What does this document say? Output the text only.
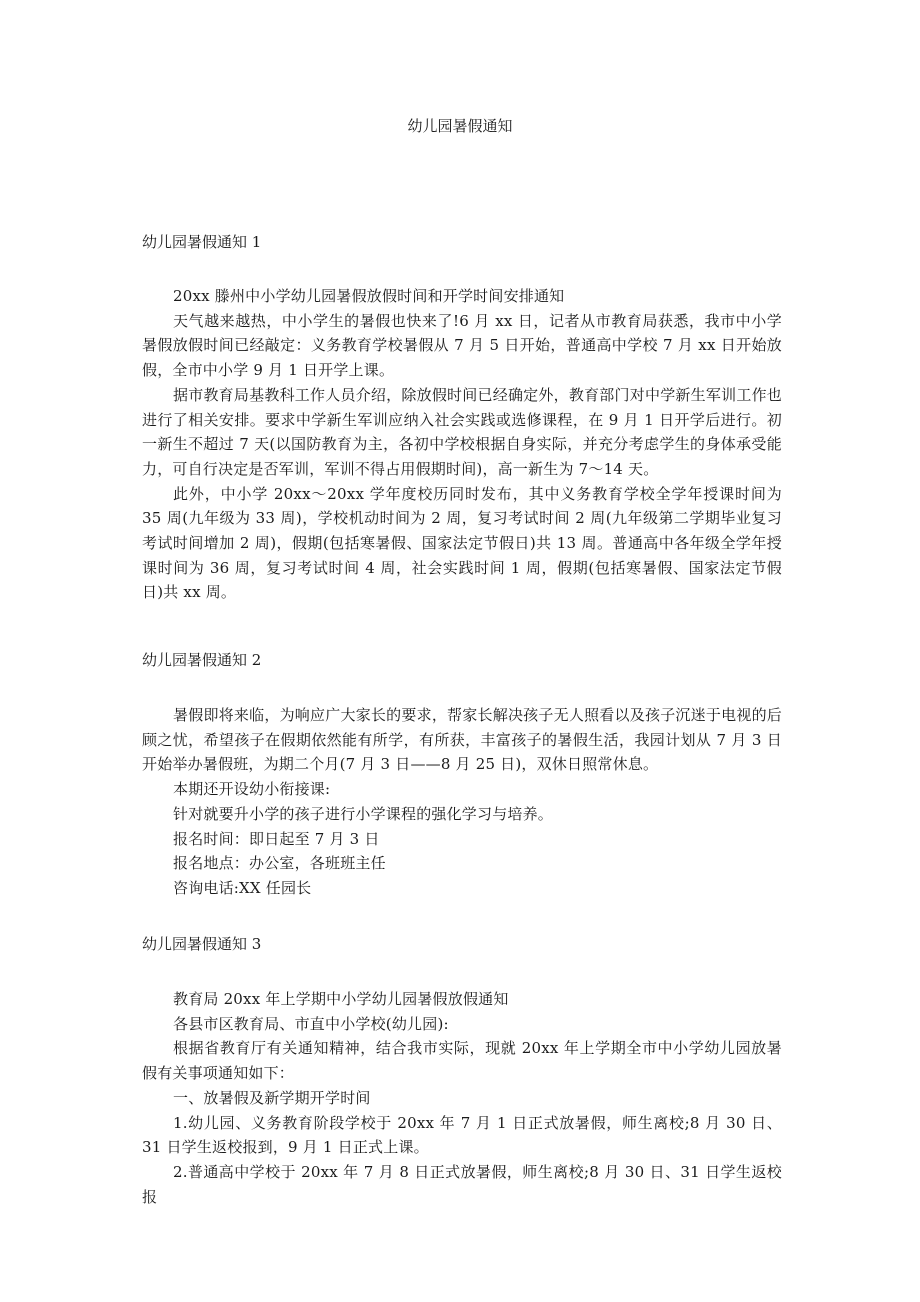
幼儿园暑假通知
幼儿园暑假通知 1

20xx 滕州中小学幼儿园暑假放假时间和开学时间安排通知

天气越来越热，中小学生的暑假也快来了!6 月 xx 日，记者从市教育局获悉，我市中小学暑假放假时间已经敲定：义务教育学校暑假从 7 月 5 日开始，普通高中学校 7 月 xx 日开始放假，全市中小学 9 月 1 日开学上课。

据市教育局基教科工作人员介绍，除放假时间已经确定外，教育部门对中学新生军训工作也进行了相关安排。要求中学新生军训应纳入社会实践或选修课程，在 9 月 1 日开学后进行。初一新生不超过 7 天(以国防教育为主，各初中学校根据自身实际，并充分考虑学生的身体承受能力，可自行决定是否军训，军训不得占用假期时间)，高一新生为 7～14 天。

此外，中小学 20xx～20xx 学年度校历同时发布，其中义务教育学校全学年授课时间为 35 周(九年级为 33 周)，学校机动时间为 2 周，复习考试时间 2 周(九年级第二学期毕业复习考试时间增加 2 周)，假期(包括寒暑假、国家法定节假日)共 13 周。普通高中各年级全学年授课时间为 36 周，复习考试时间 4 周，社会实践时间 1 周，假期(包括寒暑假、国家法定节假日)共 xx 周。

幼儿园暑假通知 2

暑假即将来临，为响应广大家长的要求，帮家长解决孩子无人照看以及孩子沉迷于电视的后顾之忧，希望孩子在假期依然能有所学，有所获，丰富孩子的暑假生活，我园计划从 7 月 3 日开始举办暑假班，为期二个月(7 月 3 日——8 月 25 日)，双休日照常休息。

本期还开设幼小衔接课:

针对就要升小学的孩子进行小学课程的强化学习与培养。

报名时间：即日起至 7 月 3 日

报名地点：办公室，各班班主任

咨询电话:XX 任园长

幼儿园暑假通知 3

教育局 20xx 年上学期中小学幼儿园暑假放假通知

各县市区教育局、市直中小学校(幼儿园):

根据省教育厅有关通知精神，结合我市实际，现就 20xx 年上学期全市中小学幼儿园放暑假有关事项通知如下：

一、放暑假及新学期开学时间

1.幼儿园、义务教育阶段学校于 20xx 年 7 月 1 日正式放暑假，师生离校;8 月 30 日、31 日学生返校报到，9 月 1 日正式上课。

2.普通高中学校于 20xx 年 7 月 8 日正式放暑假，师生离校;8 月 30 日、31 日学生返校报
